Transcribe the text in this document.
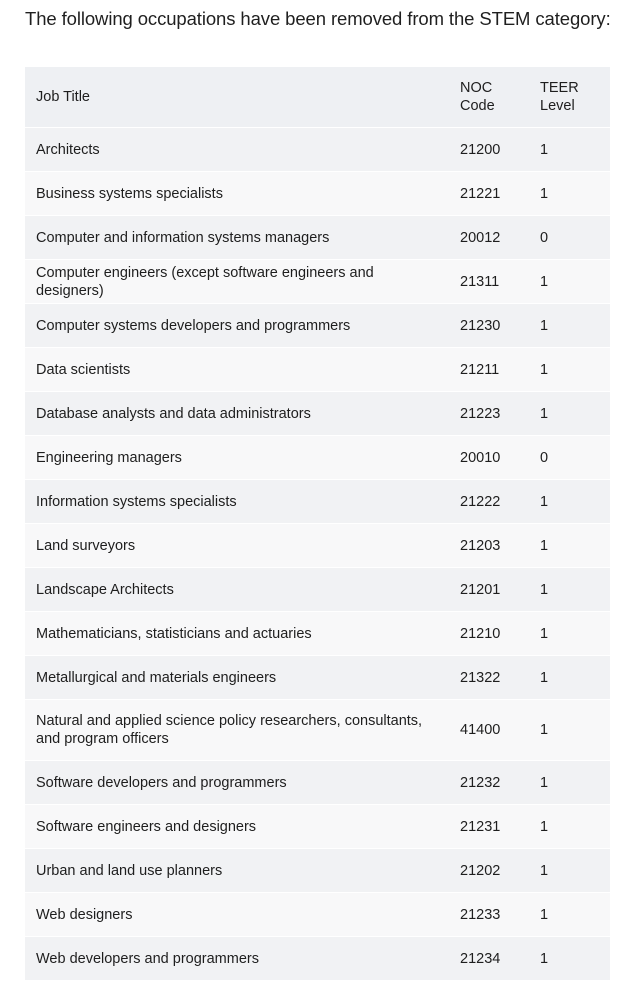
The following occupations have been removed from the STEM category:
Job Title	NOC Code	TEER Level
Architects	21200	1
Business systems specialists	21221	1
Computer and information systems managers	20012	0
Computer engineers (except software engineers and designers)	21311	1
Computer systems developers and programmers	21230	1
Data scientists	21211	1
Database analysts and data administrators	21223	1
Engineering managers	20010	0
Information systems specialists	21222	1
Land surveyors	21203	1
Landscape Architects	21201	1
Mathematicians, statisticians and actuaries	21210	1
Metallurgical and materials engineers	21322	1
Natural and applied science policy researchers, consultants, and program officers	41400	1
Software developers and programmers	21232	1
Software engineers and designers	21231	1
Urban and land use planners	21202	1
Web designers	21233	1
Web developers and programmers	21234	1
